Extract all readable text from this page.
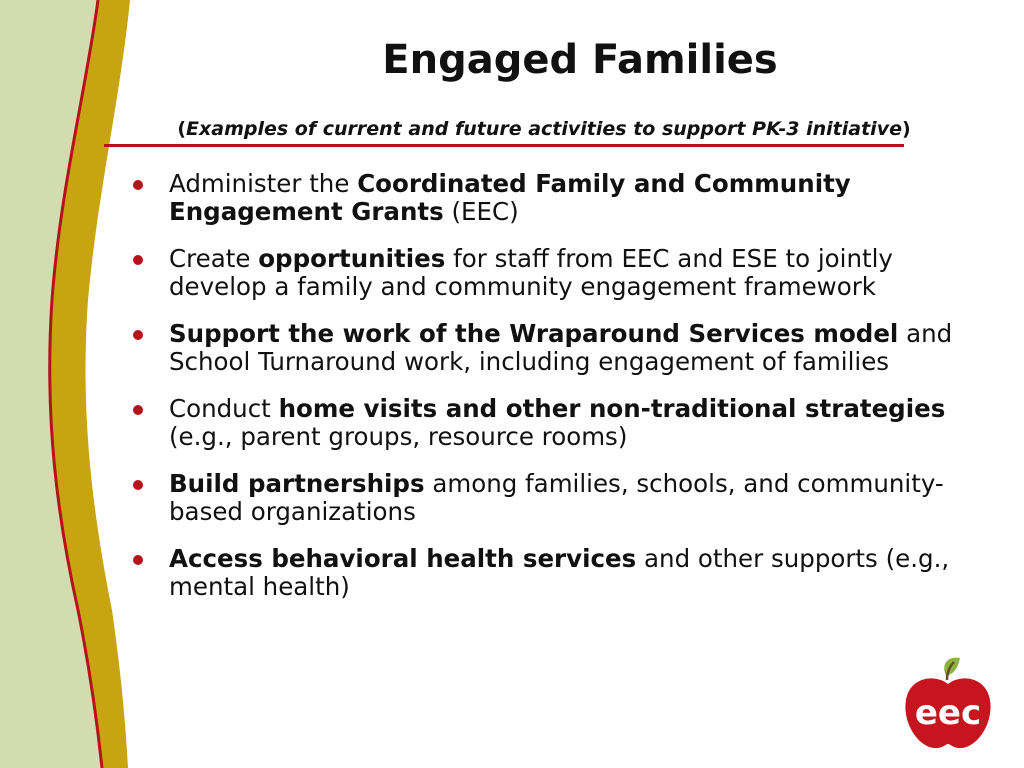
Engaged Families
(Examples of current and future activities to support PK-3 initiative)
Administer the Coordinated Family and Community Engagement Grants (EEC)
Create opportunities for staff from EEC and ESE to jointly develop a family and community engagement framework
Support the work of the Wraparound Services model and School Turnaround work, including engagement of families
Conduct home visits and other non-traditional strategies (e.g., parent groups, resource rooms)
Build partnerships among families, schools, and community-based organizations
Access behavioral health services and other supports (e.g., mental health)
eec
